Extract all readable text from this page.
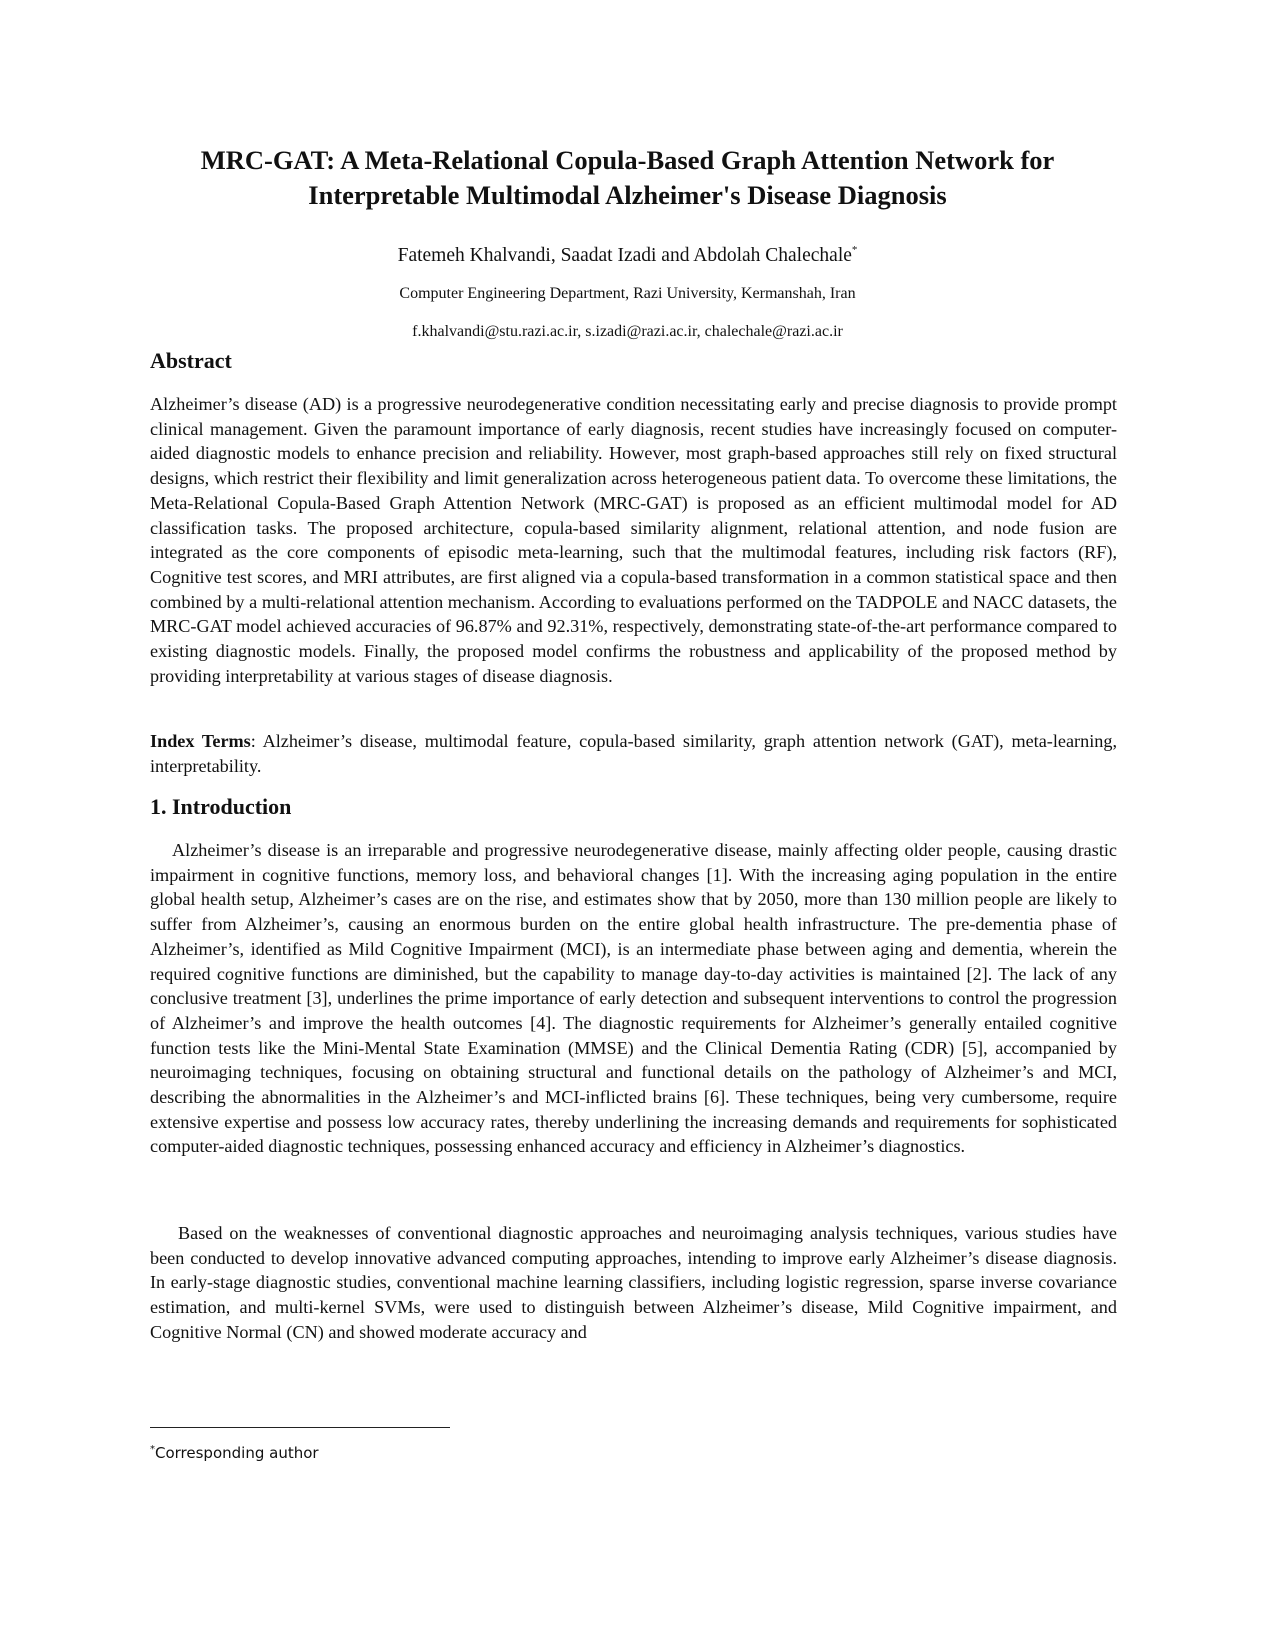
MRC-GAT: A Meta-Relational Copula-Based Graph Attention Network for
Interpretable Multimodal Alzheimer's Disease Diagnosis
Fatemeh Khalvandi, Saadat Izadi and Abdolah Chalechale*
Computer Engineering Department, Razi University, Kermanshah, Iran
f.khalvandi@stu.razi.ac.ir, s.izadi@razi.ac.ir, chalechale@razi.ac.ir
Abstract

Alzheimer’s disease (AD) is a progressive neurodegenerative condition necessitating early and precise diagnosis to provide prompt clinical management. Given the paramount importance of early diagnosis, recent studies have increasingly focused on computer-aided diagnostic models to enhance precision and reliability. However, most graph-based approaches still rely on fixed structural designs, which restrict their flexibility and limit generalization across heterogeneous patient data. To overcome these limitations, the Meta-Relational Copula-Based Graph Attention Network (MRC-GAT) is proposed as an efficient multimodal model for AD classification tasks. The proposed architecture, copula-based similarity alignment, relational attention, and node fusion are integrated as the core components of episodic meta-learning, such that the multimodal features, including risk factors (RF), Cognitive test scores, and MRI attributes, are first aligned via a copula-based transformation in a common statistical space and then combined by a multi-relational attention mechanism. According to evaluations performed on the TADPOLE and NACC datasets, the MRC-GAT model achieved accuracies of 96.87% and 92.31%, respectively, demonstrating state-of-the-art performance compared to existing diagnostic models. Finally, the proposed model confirms the robustness and applicability of the proposed method by providing interpretability at various stages of disease diagnosis.

Index Terms: Alzheimer’s disease, multimodal feature, copula-based similarity, graph attention network (GAT), meta-learning, interpretability.

1. Introduction

Alzheimer’s disease is an irreparable and progressive neurodegenerative disease, mainly affecting older people, causing drastic impairment in cognitive functions, memory loss, and behavioral changes [1]. With the increasing aging population in the entire global health setup, Alzheimer’s cases are on the rise, and estimates show that by 2050, more than 130 million people are likely to suffer from Alzheimer’s, causing an enormous burden on the entire global health infrastructure. The pre-dementia phase of Alzheimer’s, identified as Mild Cognitive Impairment (MCI), is an intermediate phase between aging and dementia, wherein the required cognitive functions are diminished, but the capability to manage day-to-day activities is maintained [2]. The lack of any conclusive treatment [3], underlines the prime importance of early detection and subsequent interventions to control the progression of Alzheimer’s and improve the health outcomes [4]. The diagnostic requirements for Alzheimer’s generally entailed cognitive function tests like the Mini-Mental State Examination (MMSE) and the Clinical Dementia Rating (CDR) [5], accompanied by neuroimaging techniques, focusing on obtaining structural and functional details on the pathology of Alzheimer’s and MCI, describing the abnormalities in the Alzheimer’s and MCI-inflicted brains [6]. These techniques, being very cumbersome, require extensive expertise and possess low accuracy rates, thereby underlining the increasing demands and requirements for sophisticated computer-aided diagnostic techniques, possessing enhanced accuracy and efficiency in Alzheimer’s diagnostics.

Based on the weaknesses of conventional diagnostic approaches and neuroimaging analysis techniques, various studies have been conducted to develop innovative advanced computing approaches, intending to improve early Alzheimer’s disease diagnosis. In early-stage diagnostic studies, conventional machine learning classifiers, including logistic regression, sparse inverse covariance estimation, and multi-kernel SVMs, were used to distinguish between Alzheimer’s disease, Mild Cognitive impairment, and Cognitive Normal (CN) and showed moderate accuracy and

*Corresponding author
